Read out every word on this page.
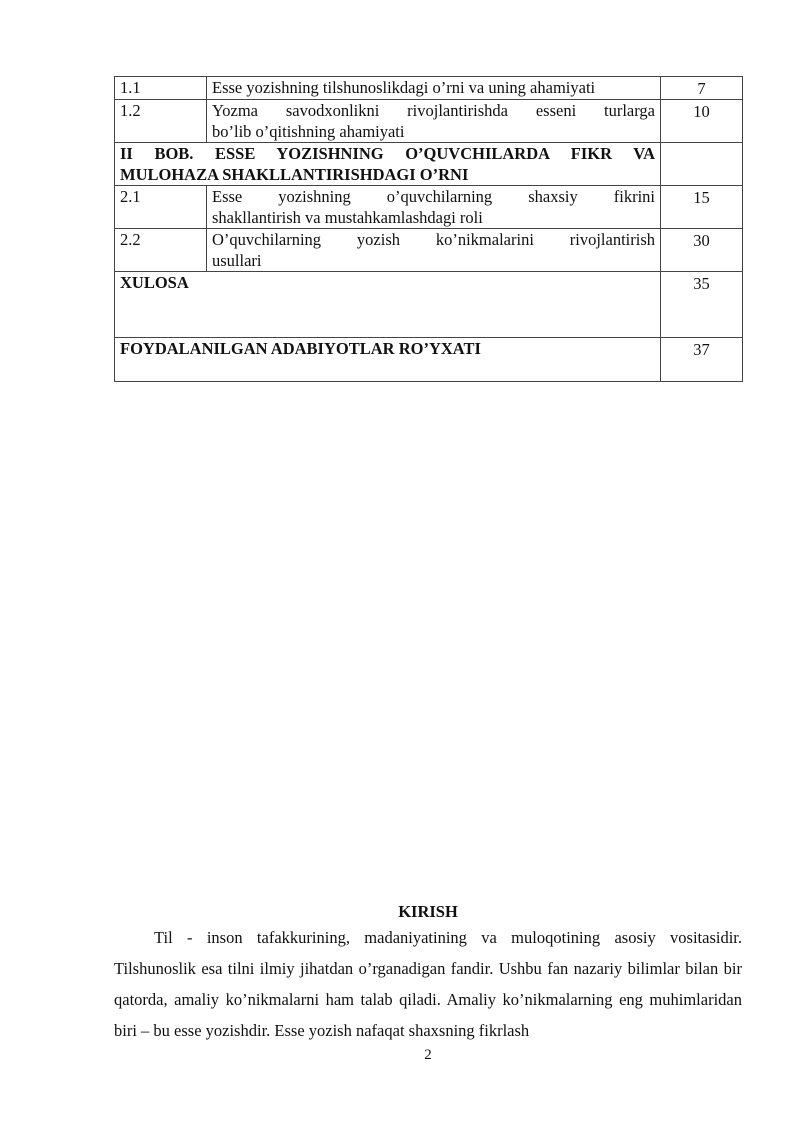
1.1	Esse yozishning tilshunoslikdagi o’rni va uning ahamiyati	7
1.2	Yozma savodxonlikni rivojlantirishda esseni turlarga
bo’lib o’qitishning ahamiyati	10

II BOB. ESSE YOZISHNING O’QUVCHILARDA FIKR VA
MULOHAZA SHAKLLANTIRISHDAGI O’RNI		

2.1	Esse yozishning o’quvchilarning shaxsiy fikrini
shakllantirish va mustahkamlashdagi roli	15
2.2	O’quvchilarning yozish ko’nikmalarini rivojlantirish
usullari	30
XULOSA		35
FOYDALANILGAN ADABIYOTLAR RO’YXATI		37
KIRISH

Til - inson tafakkurining, madaniyatining va muloqotining asosiy vositasidir. Tilshunoslik esa tilni ilmiy jihatdan o’rganadigan fandir. Ushbu fan nazariy bilimlar bilan bir qatorda, amaliy ko’nikmalarni ham talab qiladi. Amaliy ko’nikmalarning eng muhimlaridan biri – bu esse yozishdir. Esse yozish nafaqat shaxsning fikrlash

2
